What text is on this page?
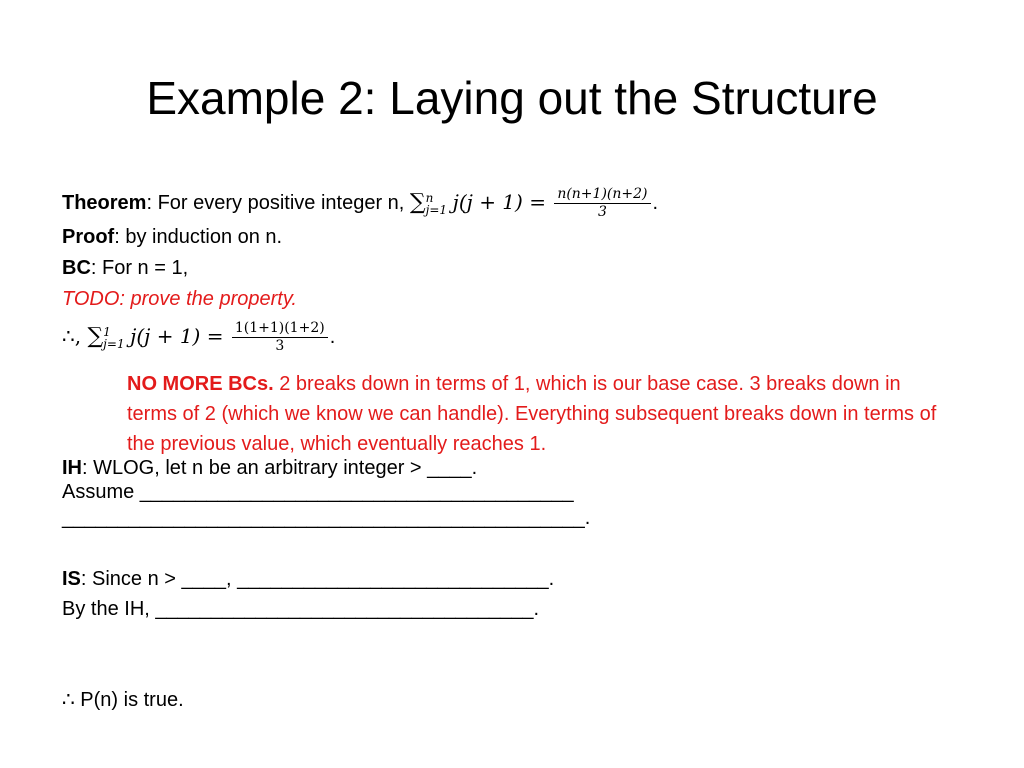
Example 2: Laying out the Structure
Theorem: For every positive integer n, ∑ n
j=1 $j(j + 1) = \frac{n(n+1)(n+2)}{3}$ .
Proof: by induction on n.
BC: For n = 1,
TODO: prove the property.
∴, ∑ 1
j=1 $j(j + 1) = \frac{1(1+1)(1+2)}{3}$ .
NO MORE BCs. 2 breaks down in terms of 1, which is our base case. 3 breaks down in terms of 2 (which we know we can handle). Everything subsequent breaks down in terms of the previous value, which eventually reaches 1.
IH: WLOG, let n be an arbitrary integer > ____.
Assume _______________________________________
_______________________________________________.
IS: Since n > ____, ____________________________.
By the IH, __________________________________.
∴ P(n) is true.
